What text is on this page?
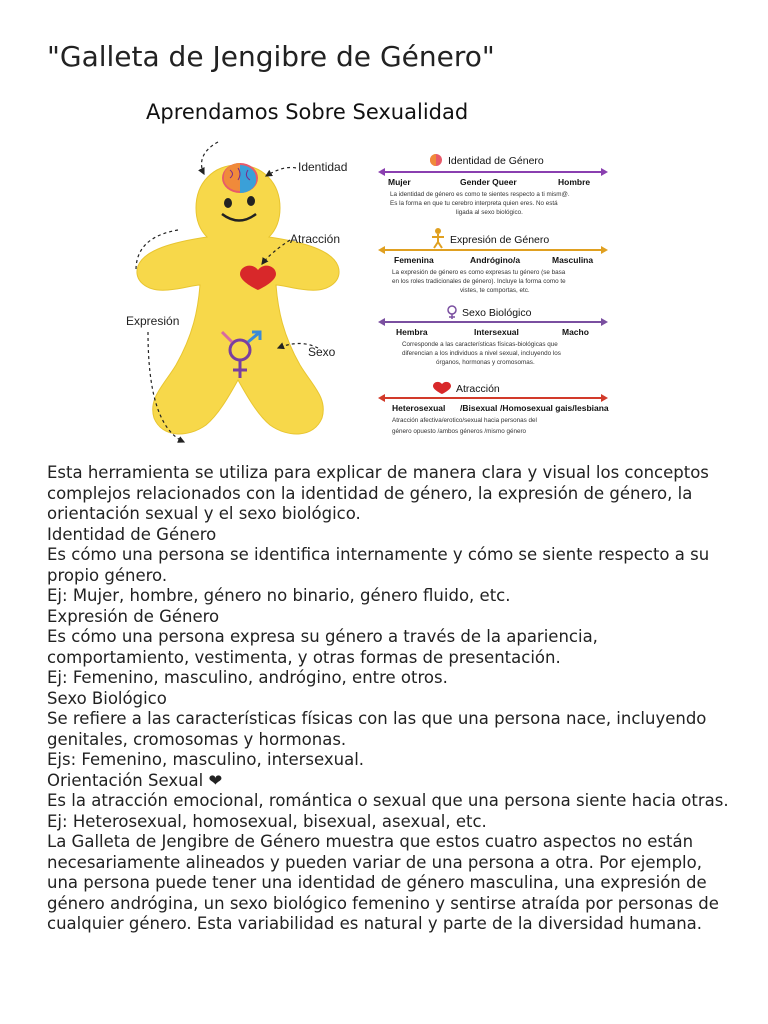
"Galleta de Jengibre de Género"
Aprendamos Sobre Sexualidad
Identidad
Atracción
Expresión
Sexo
Identidad de Género
Mujer	Gender Queer	Hombre
La identidad de género es como te sientes respecto a ti mism@.
Es la forma en que tu cerebro interpreta quien eres. No está
ligada al sexo biológico.
Expresión de Género
Femenina	Andrógino/a	Masculina
La expresión de género es como expresas tu género (se basa
en los roles tradicionales de género). Incluye la forma como te
vistes, te comportas, etc.
Sexo Biológico
Hembra	Intersexual	Macho
Corresponde a las características físicas-biológicas que
diferencian a los individuos a nivel sexual, incluyendo los
órganos, hormonas y cromosomas.
Atracción
Heterosexual /Bisexual /Homosexual gais/lesbiana
Atracción afectiva/erotico/sexual hacia personas del
género opuesto /ambos géneros /mismo género

Esta herramienta se utiliza para explicar de manera clara y visual los conceptos complejos relacionados con la identidad de género, la expresión de género, la orientación sexual y el sexo biológico.

Identidad de Género

Es cómo una persona se identifica internamente y cómo se siente respecto a su propio género.

Ej: Mujer, hombre, género no binario, género fluido, etc.

Expresión de Género

Es cómo una persona expresa su género a través de la apariencia, comportamiento, vestimenta, y otras formas de presentación.

Ej: Femenino, masculino, andrógino, entre otros.

Sexo Biológico

Se refiere a las características físicas con las que una persona nace, incluyendo genitales, cromosomas y hormonas.

Ejs: Femenino, masculino, intersexual.

Orientación Sexual ❤

Es la atracción emocional, romántica o sexual que una persona siente hacia otras.

Ej: Heterosexual, homosexual, bisexual, asexual, etc.

La Galleta de Jengibre de Género muestra que estos cuatro aspectos no están necesariamente alineados y pueden variar de una persona a otra. Por ejemplo, una persona puede tener una identidad de género masculina, una expresión de género andrógina, un sexo biológico femenino y sentirse atraída por personas de cualquier género. Esta variabilidad es natural y parte de la diversidad humana.
